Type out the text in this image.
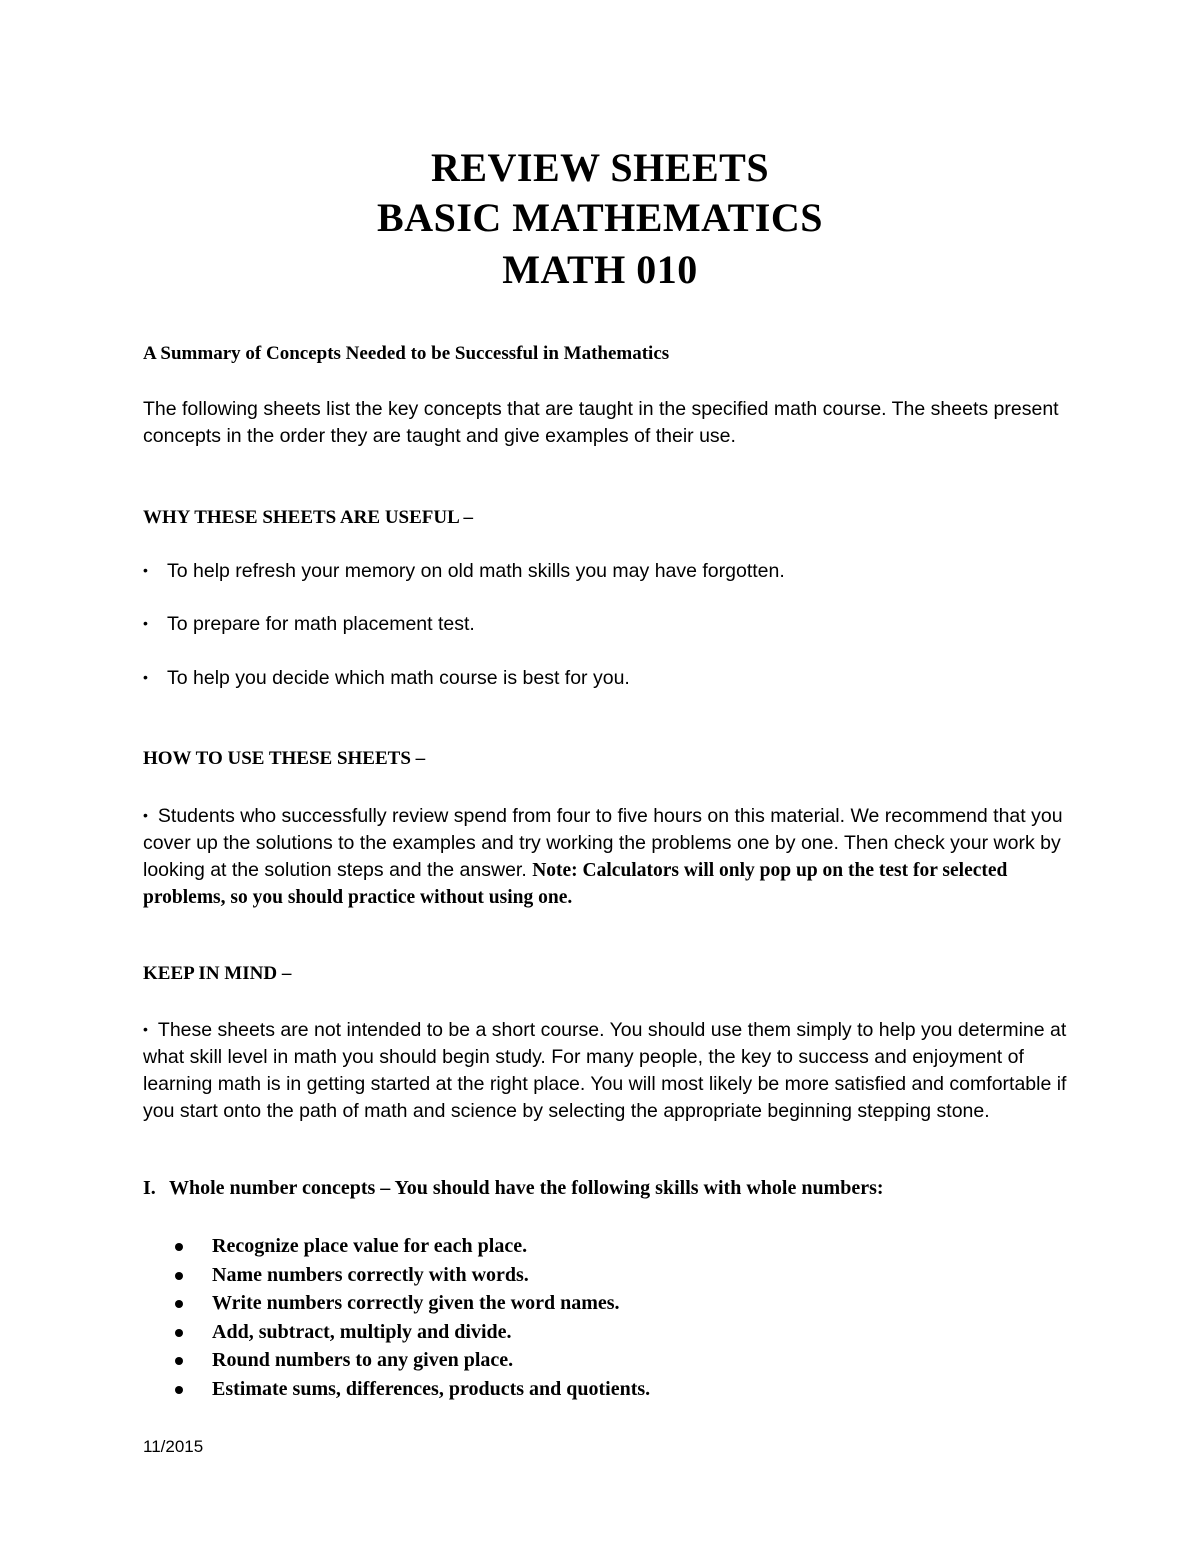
REVIEW SHEETS
BASIC MATHEMATICS
MATH 010
A Summary of Concepts Needed to be Successful in Mathematics
The following sheets list the key concepts that are taught in the specified math course. The sheets present concepts in the order they are taught and give examples of their use.
WHY THESE SHEETS ARE USEFUL –
• To help refresh your memory on old math skills you may have forgotten.
• To prepare for math placement test.
• To help you decide which math course is best for you.
HOW TO USE THESE SHEETS –
• Students who successfully review spend from four to five hours on this material. We recommend that you cover up the solutions to the examples and try working the problems one by one. Then check your work by looking at the solution steps and the answer. Note: Calculators will only pop up on the test for selected problems, so you should practice without using one.
KEEP IN MIND –
• These sheets are not intended to be a short course. You should use them simply to help you determine at what skill level in math you should begin study. For many people, the key to success and enjoyment of learning math is in getting started at the right place. You will most likely be more satisfied and comfortable if you start onto the path of math and science by selecting the appropriate beginning stepping stone.
I. Whole number concepts – You should have the following skills with whole numbers:
Recognize place value for each place.
Name numbers correctly with words.
Write numbers correctly given the word names.
Add, subtract, multiply and divide.
Round numbers to any given place.
Estimate sums, differences, products and quotients.
11/2015
